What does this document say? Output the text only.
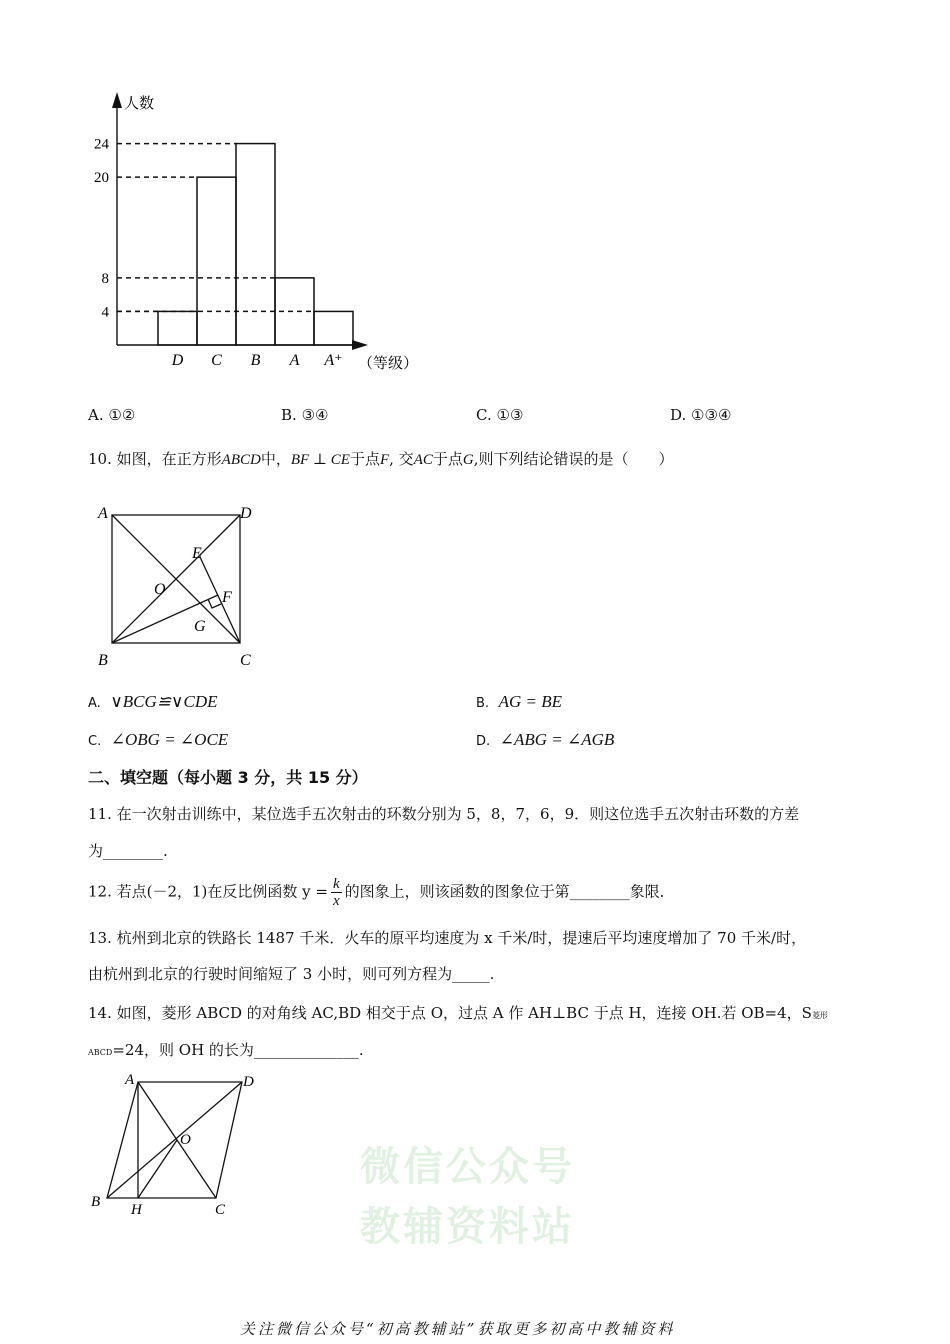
人数
（等级）
4
8
20
24
D C B A A⁺
A. ①②	B. ③④	C. ①③	D. ①③④
10. 如图，在正方形ABCD中，BF ⊥ CE于点F, 交AC于点G,则下列结论错误的是（　　）
A	D
B	C
E
O	F
G
A. ∨BCG≌∨CDE	B. AG = BE
C. ∠OBG = ∠OCE	D. ∠ABG = ∠AGB
二、填空题（每小题 3 分，共 15 分）
11. 在一次射击训练中，某位选手五次射击的环数分别为 5，8，7，6，9．则这位选手五次射击环数的方差
为________.
12. 若点(－2，1)在反比例函数 $y = \frac{k}{x}$ 的图象上，则该函数的图象位于第________象限．
13. 杭州到北京的铁路长 1487 千米．火车的原平均速度为 x 千米/时，提速后平均速度增加了 70 千米/时，
由杭州到北京的行驶时间缩短了 3 小时，则可列方程为_____.
14. 如图，菱形 ABCD 的对角线 AC,BD 相交于点 O，过点 A 作 AH⊥BC 于点 H，连接 OH.若 OB=4，S菱形
ABCD=24，则 OH 的长为______________.
A	D
B H	C
O
微信公众号
教辅资料站
关注微信公众号“初高教辅站”获取更多初高中教辅资料
